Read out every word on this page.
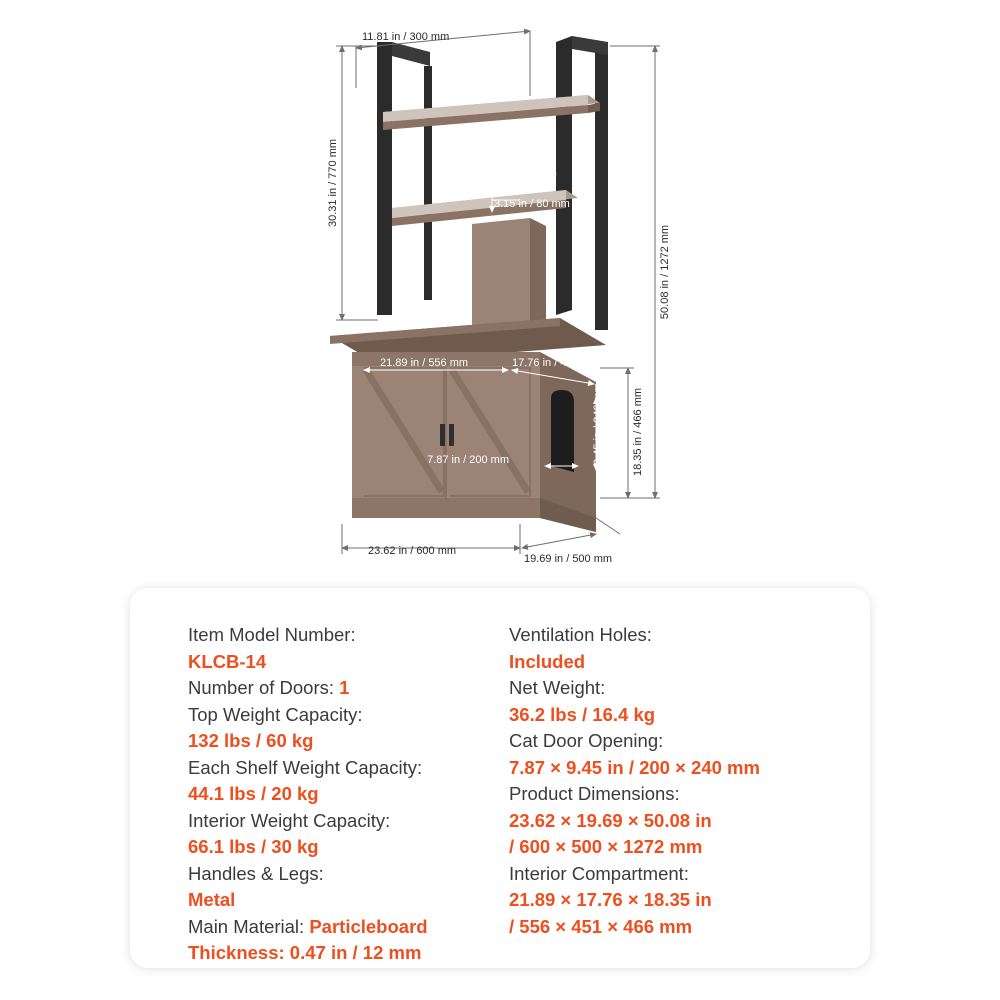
11.81 in / 300 mm
30.31 in / 770 mm	11.22 in / 285 mm
3.15 in / 80 mm
50.08 in / 1272 mm
21.89 in / 556 mm	17.76 in / 451 mm
18.35 in / 466 mm
9.45 in / 240 mm
7.87 in / 200 mm
23.62 in / 600 mm
19.69 in / 500 mm
Item Model Number:
KLCB-14
Number of Doors: 1
Top Weight Capacity:
132 lbs / 60 kg
Each Shelf Weight Capacity:
44.1 lbs / 20 kg
Interior Weight Capacity:
66.1 lbs / 30 kg
Handles & Legs:
Metal
Main Material: Particleboard
Thickness: 0.47 in / 12 mm
Ventilation Holes:
Included
Net Weight:
36.2 lbs / 16.4 kg
Cat Door Opening:
7.87 × 9.45 in / 200 × 240 mm
Product Dimensions:
23.62 × 19.69 × 50.08 in
/ 600 × 500 × 1272 mm
Interior Compartment:
21.89 × 17.76 × 18.35 in
/ 556 × 451 × 466 mm
